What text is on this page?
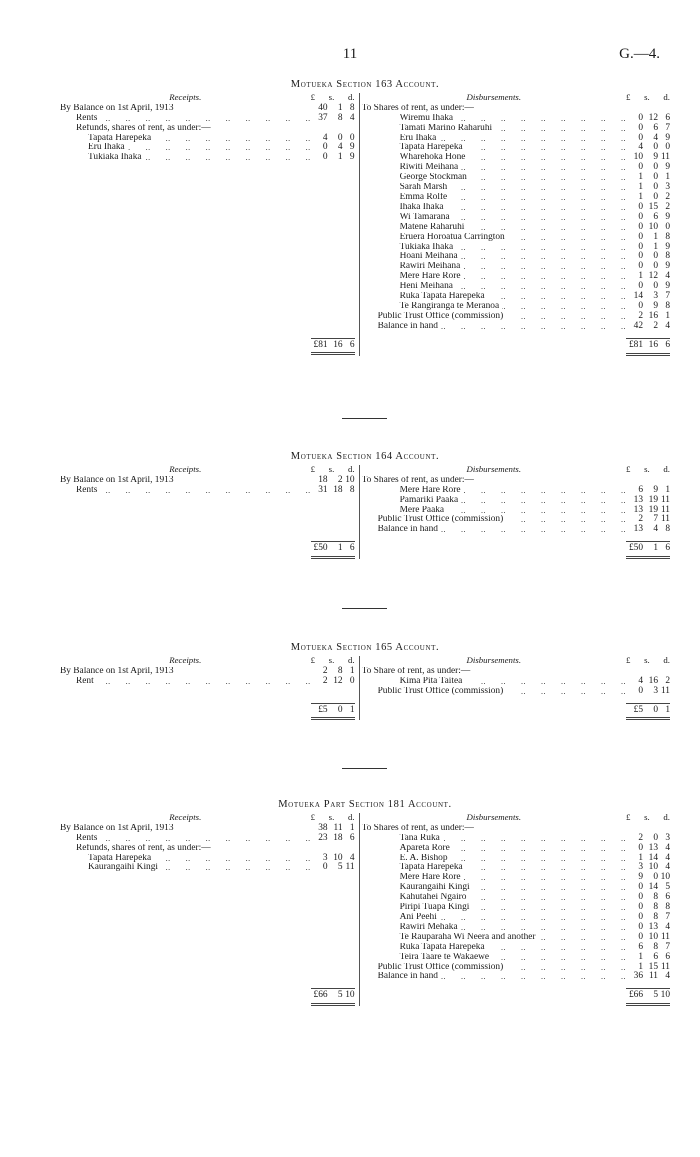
11	G.—4.
Motueka Section 163 Account.
Receipts.	£ s. d.
By Balance on 1st April, 1913	40	1 8
Rents ..	37	8 4
Refunds, shares of rent, as under:—
Tapata Harepeka ..	4	0 0
Eru Ihaka ..	0	4 9
Tukiaka Ihaka ..	0	1 9
£81 16 6
Disbursements.	£ s. d.
To Shares of rent, as under:—
Wiremu Ihaka ..	0 12 6
Tamati Marino Raharuhi ..	0	6 7
Eru Ihaka ..	0	4 9
Tapata Harepeka ..	4	0 0
Wharehoka Hone ..	10	9 11
Riwiti Meihana ..	0	0 9
George Stockman ..	1	0 1
Sarah Marsh ..	1	0 3
Emma Rolfe ..	1	0 2
Ihaka Ihaka ..	0 15 2
Wi Tamarana ..	0	6 9
Matene Raharuhi ..	0 10 0
Eruera Horoatua Carrington ..	0	1 8
Tukiaka Ihaka ..	0	1 9
Hoani Meihana ..	0	0 8
Rawiri Meihana ..	0	0 9
Mere Hare Rore ..	1 12 4
Heni Meihana ..	0	0 9
Ruka Tapata Harepeka ..	14	3 7
Te Rangiranga te Meranoa ..	0	9 8
Public Trust Office (commission) ..	2 16 1
Balance in hand ..	42	2 4
£81 16 6
Motueka Section 164 Account.
Receipts.	£ s. d.
By Balance on 1st April, 1913	18	2 10
Rents ..	31 18 8
£50	1 6
Disbursements.	£ s. d.
To Shares of rent, as under:—
Mere Hare Rore ..	6	9 1
Pamariki Paaka ..	13 19 11
Mere Paaka ..	13 19 11
Public Trust Office (commission) ..	2	7 11
Balance in hand ..	13	4 8
£50	1 6
Motueka Section 165 Account.
Receipts.	£ s. d.
By Balance on 1st April, 1913	2	8 1
Rent ..	2 12 0
£5	0 1
Disbursements.	£ s. d.
To Share of rent, as under:—
Kima Pita Taitea ..	4 16 2
Public Trust Office (commission) ..	0	3 11
£5	0 1
Motueka Part Section 181 Account.
Receipts.	£ s. d.
By Balance on 1st April, 1913	38 11 1
Rents ..	23 18 6
Refunds, shares of rent, as under:—
Tapata Harepeka ..	3 10 4
Kaurangaihi Kingi ..	0	5 11
£66	5 10
Disbursements.	£ s. d.
To Shares of rent, as under:—
Tana Ruka ..	2	0 3
Apareta Rore ..	0 13 4
E. A. Bishop ..	1 14 4
Tapata Harepeka ..	3 10 4
Mere Hare Rore ..	9	0 10
Kaurangaihi Kingi ..	0 14 5
Kahutahei Ngairo ..	0	8 6
Piripi Tuapa Kingi ..	0	8 8
Ani Peehi ..	0	8 7
Rawiri Mehaka ..	0 13 4
Te Rauparaha Wi Neera and another ..	0 10 11
Ruka Tapata Harepeka ..	6	8 7
Teira Taare te Wakaewe ..	1	6 6
Public Trust Office (commission) ..	1 15 11
Balance in hand ..	36 11 4
£66	5 10
